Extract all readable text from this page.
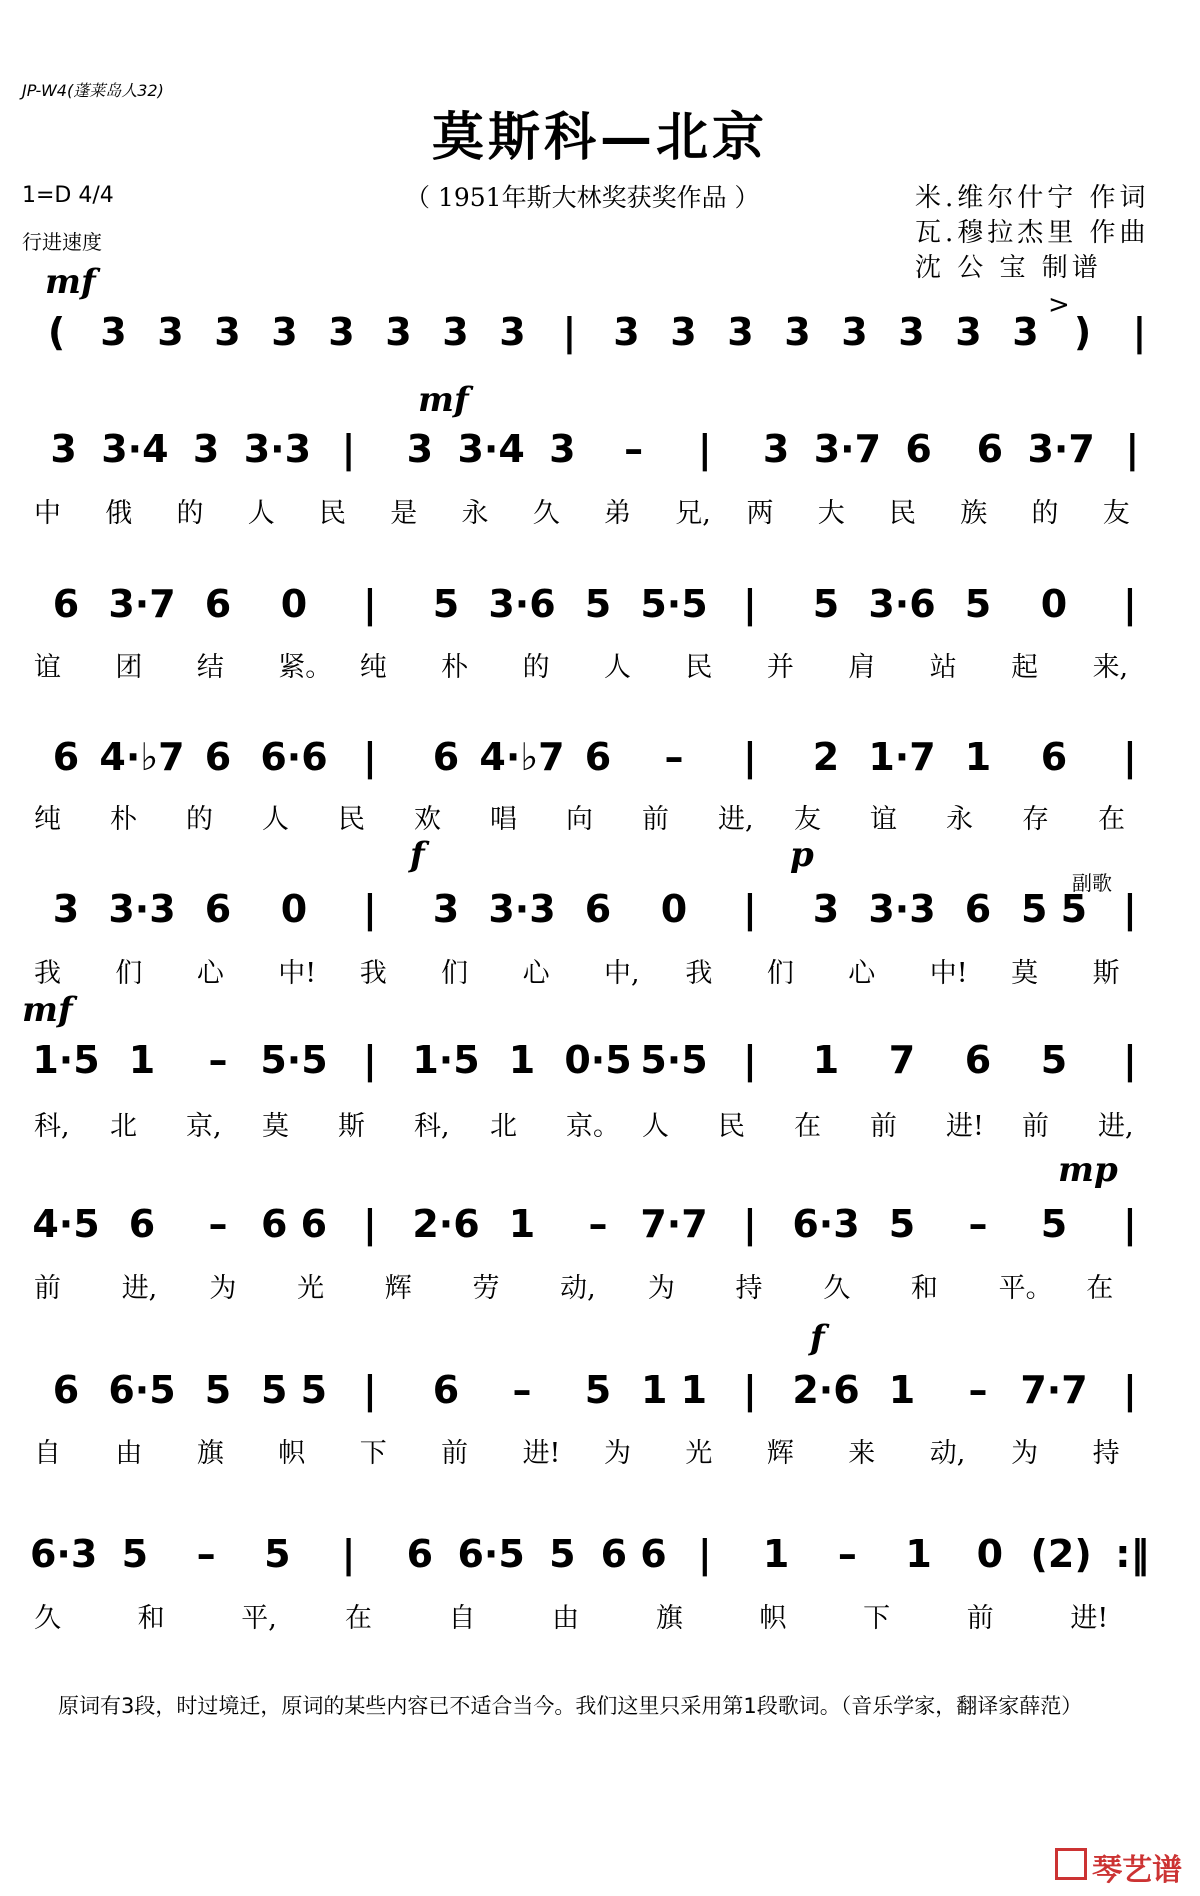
JP-W4(蓬莱岛人32)
莫斯科—北京
1=D 4/4
行进速度
（ 1951年斯大林奖获奖作品 ）	米.维尔什宁 作词
瓦.穆拉杰里 作曲
沈 公 宝 制谱
mf
>
mf
f	p
副歌
mf
mp
f
( 3 3 3 3 3 3 3 3 | 3 3 3 3 3 3 3 3 ) |
3 3·4 3 3·3 | 3 3·4 3 – | 3 3·7 6 6 3·7 |
中 俄 的 人 民 是 永 久 弟 兄, 两 大 民 族 的 友
6 3·7 6 0 | 5 3·6 5 5·5 | 5 3·6 5 0 |
谊 团 结 紧。 纯 朴 的 人 民 并 肩 站 起 来,
6 4·♭7 6 6·6 | 6 4·♭7 6 – | 2 1·7 1 6 |
纯 朴 的 人 民 欢 唱 向 前 进, 友 谊 永 存 在
3 3·3 6 0 | 3 3·3 6 0 | 3 3·3 6 5 5 |
我 们 心 中! 我 们 心 中, 我 们 心 中! 莫 斯
1·5 1 – 5·5 | 1·5 1 0·5 5·5 | 1 7 6 5 |
科, 北 京, 莫 斯 科, 北 京。 人 民 在 前 进! 前 进,
4·5 6 – 6 6 | 2·6 1 – 7·7 | 6·3 5 – 5 |
前 进, 为 光 辉 劳 动, 为 持 久 和 平。 在
6 6·5 5 5 5 | 6 – 5 1 1 | 2·6 1 – 7·7 |
自 由 旗 帜 下 前 进! 为 光 辉 来 动, 为 持
6·3 5 – 5 | 6 6·5 5 6 6 | 1 – 1 0 (2) :‖
久	和	平,	在	自	由	旗	帜	下	前	进!
原词有3段，时过境迁，原词的某些内容已不适合当今。我们这里只采用第1段歌词。（音乐学家，翻译家薛范）
琴艺谱
